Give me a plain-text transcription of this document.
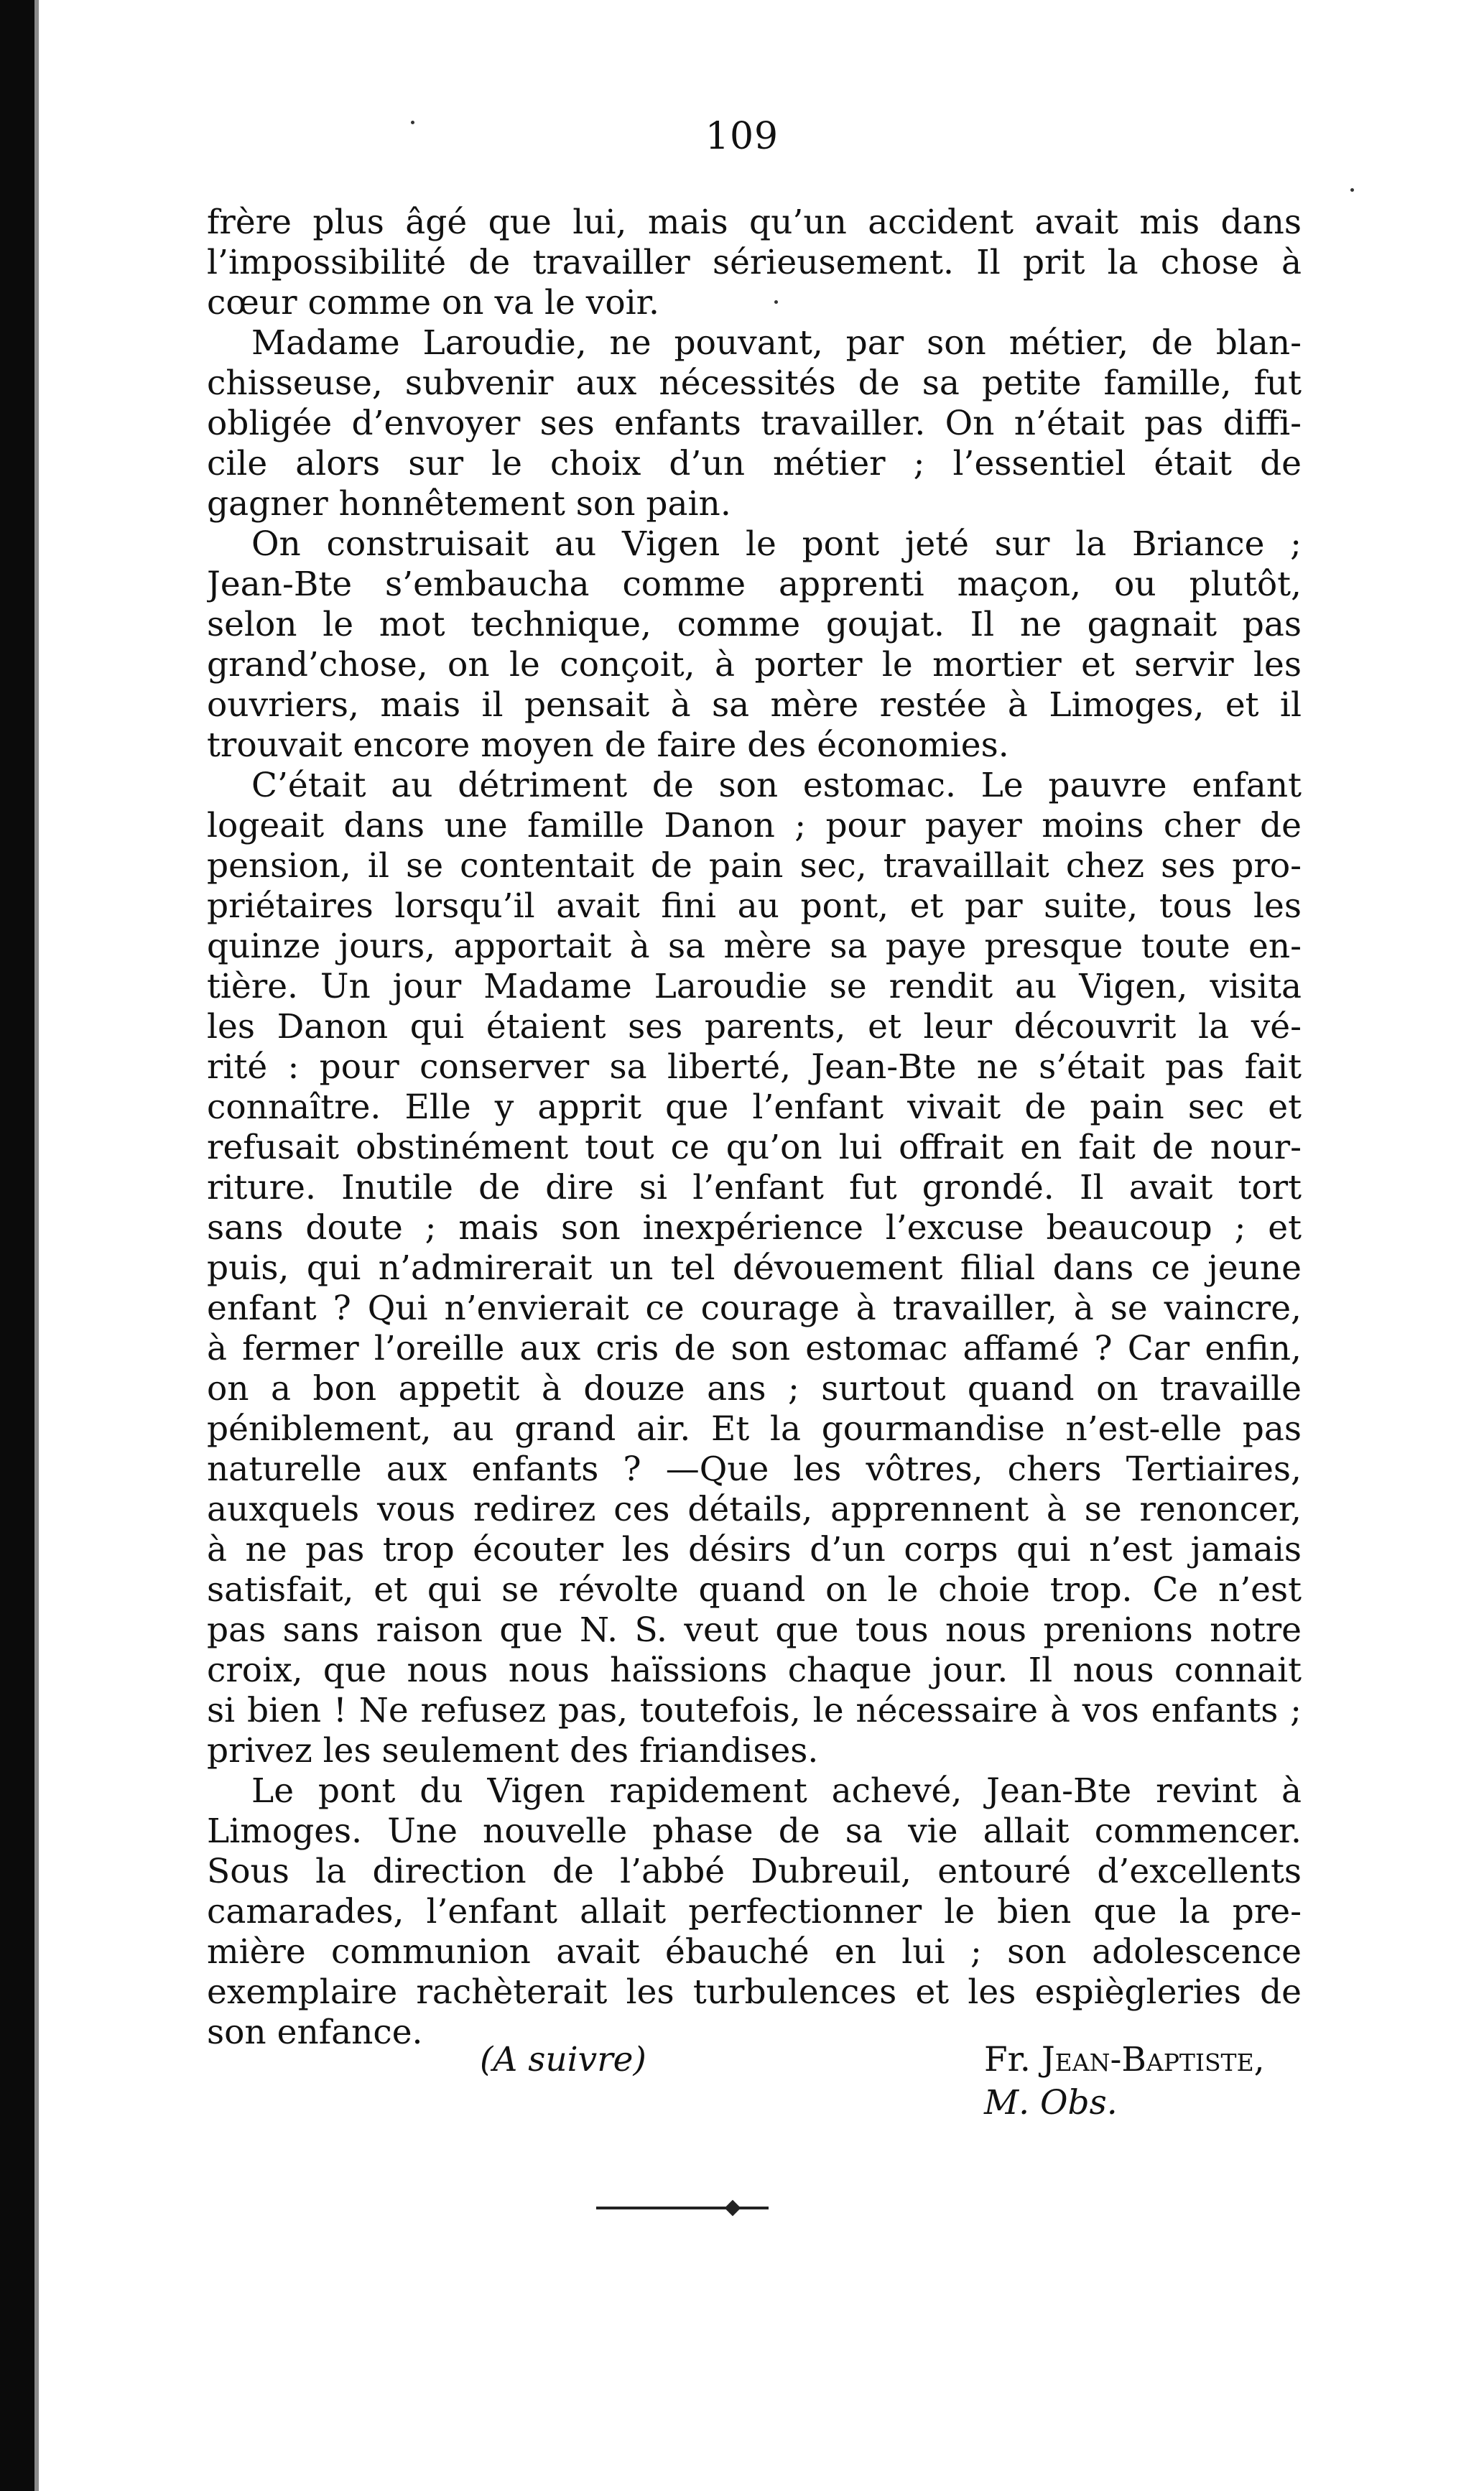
109
frère plus âgé que lui, mais qu’un accident avait mis dans
l’impossibilité de travailler sérieusement. Il prit la chose à
cœur comme on va le voir.
Madame Laroudie, ne pouvant, par son métier, de blan-
chisseuse, subvenir aux nécessités de sa petite famille, fut
obligée d’envoyer ses enfants travailler. On n’était pas diffi-
cile alors sur le choix d’un métier ; l’essentiel était de
gagner honnêtement son pain.
On construisait au Vigen le pont jeté sur la Briance ;
Jean-Bte s’embaucha comme apprenti maçon, ou plutôt,
selon le mot technique, comme goujat. Il ne gagnait pas
grand’chose, on le conçoit, à porter le mortier et servir les
ouvriers, mais il pensait à sa mère restée à Limoges, et il
trouvait encore moyen de faire des économies.
C’était au détriment de son estomac. Le pauvre enfant
logeait dans une famille Danon ; pour payer moins cher de
pension, il se contentait de pain sec, travaillait chez ses pro-
priétaires lorsqu’il avait fini au pont, et par suite, tous les
quinze jours, apportait à sa mère sa paye presque toute en-
tière. Un jour Madame Laroudie se rendit au Vigen, visita
les Danon qui étaient ses parents, et leur découvrit la vé-
rité : pour conserver sa liberté, Jean-Bte ne s’était pas fait
connaître. Elle y apprit que l’enfant vivait de pain sec et
refusait obstinément tout ce qu’on lui offrait en fait de nour-
riture. Inutile de dire si l’enfant fut grondé. Il avait tort
sans doute ; mais son inexpérience l’excuse beaucoup ; et
puis, qui n’admirerait un tel dévouement filial dans ce jeune
enfant ? Qui n’envierait ce courage à travailler, à se vaincre,
à fermer l’oreille aux cris de son estomac affamé ? Car enfin,
on a bon appetit à douze ans ; surtout quand on travaille
péniblement, au grand air. Et la gourmandise n’est-elle pas
naturelle aux enfants ? —Que les vôtres, chers Tertiaires,
auxquels vous redirez ces détails, apprennent à se renoncer,
à ne pas trop écouter les désirs d’un corps qui n’est jamais
satisfait, et qui se révolte quand on le choie trop. Ce n’est
pas sans raison que N. S. veut que tous nous prenions notre
croix, que nous nous haïssions chaque jour. Il nous connait
si bien ! Ne refusez pas, toutefois, le nécessaire à vos enfants ;
privez les seulement des friandises.
Le pont du Vigen rapidement achevé, Jean-Bte revint à
Limoges. Une nouvelle phase de sa vie allait commencer.
Sous la direction de l’abbé Dubreuil, entouré d’excellents
camarades, l’enfant allait perfectionner le bien que la pre-
mière communion avait ébauché en lui ; son adolescence
exemplaire rachèterait les turbulences et les espiègleries de
son enfance.
(A suivre)	Fr. Jean-Baptiste, M. Obs.
